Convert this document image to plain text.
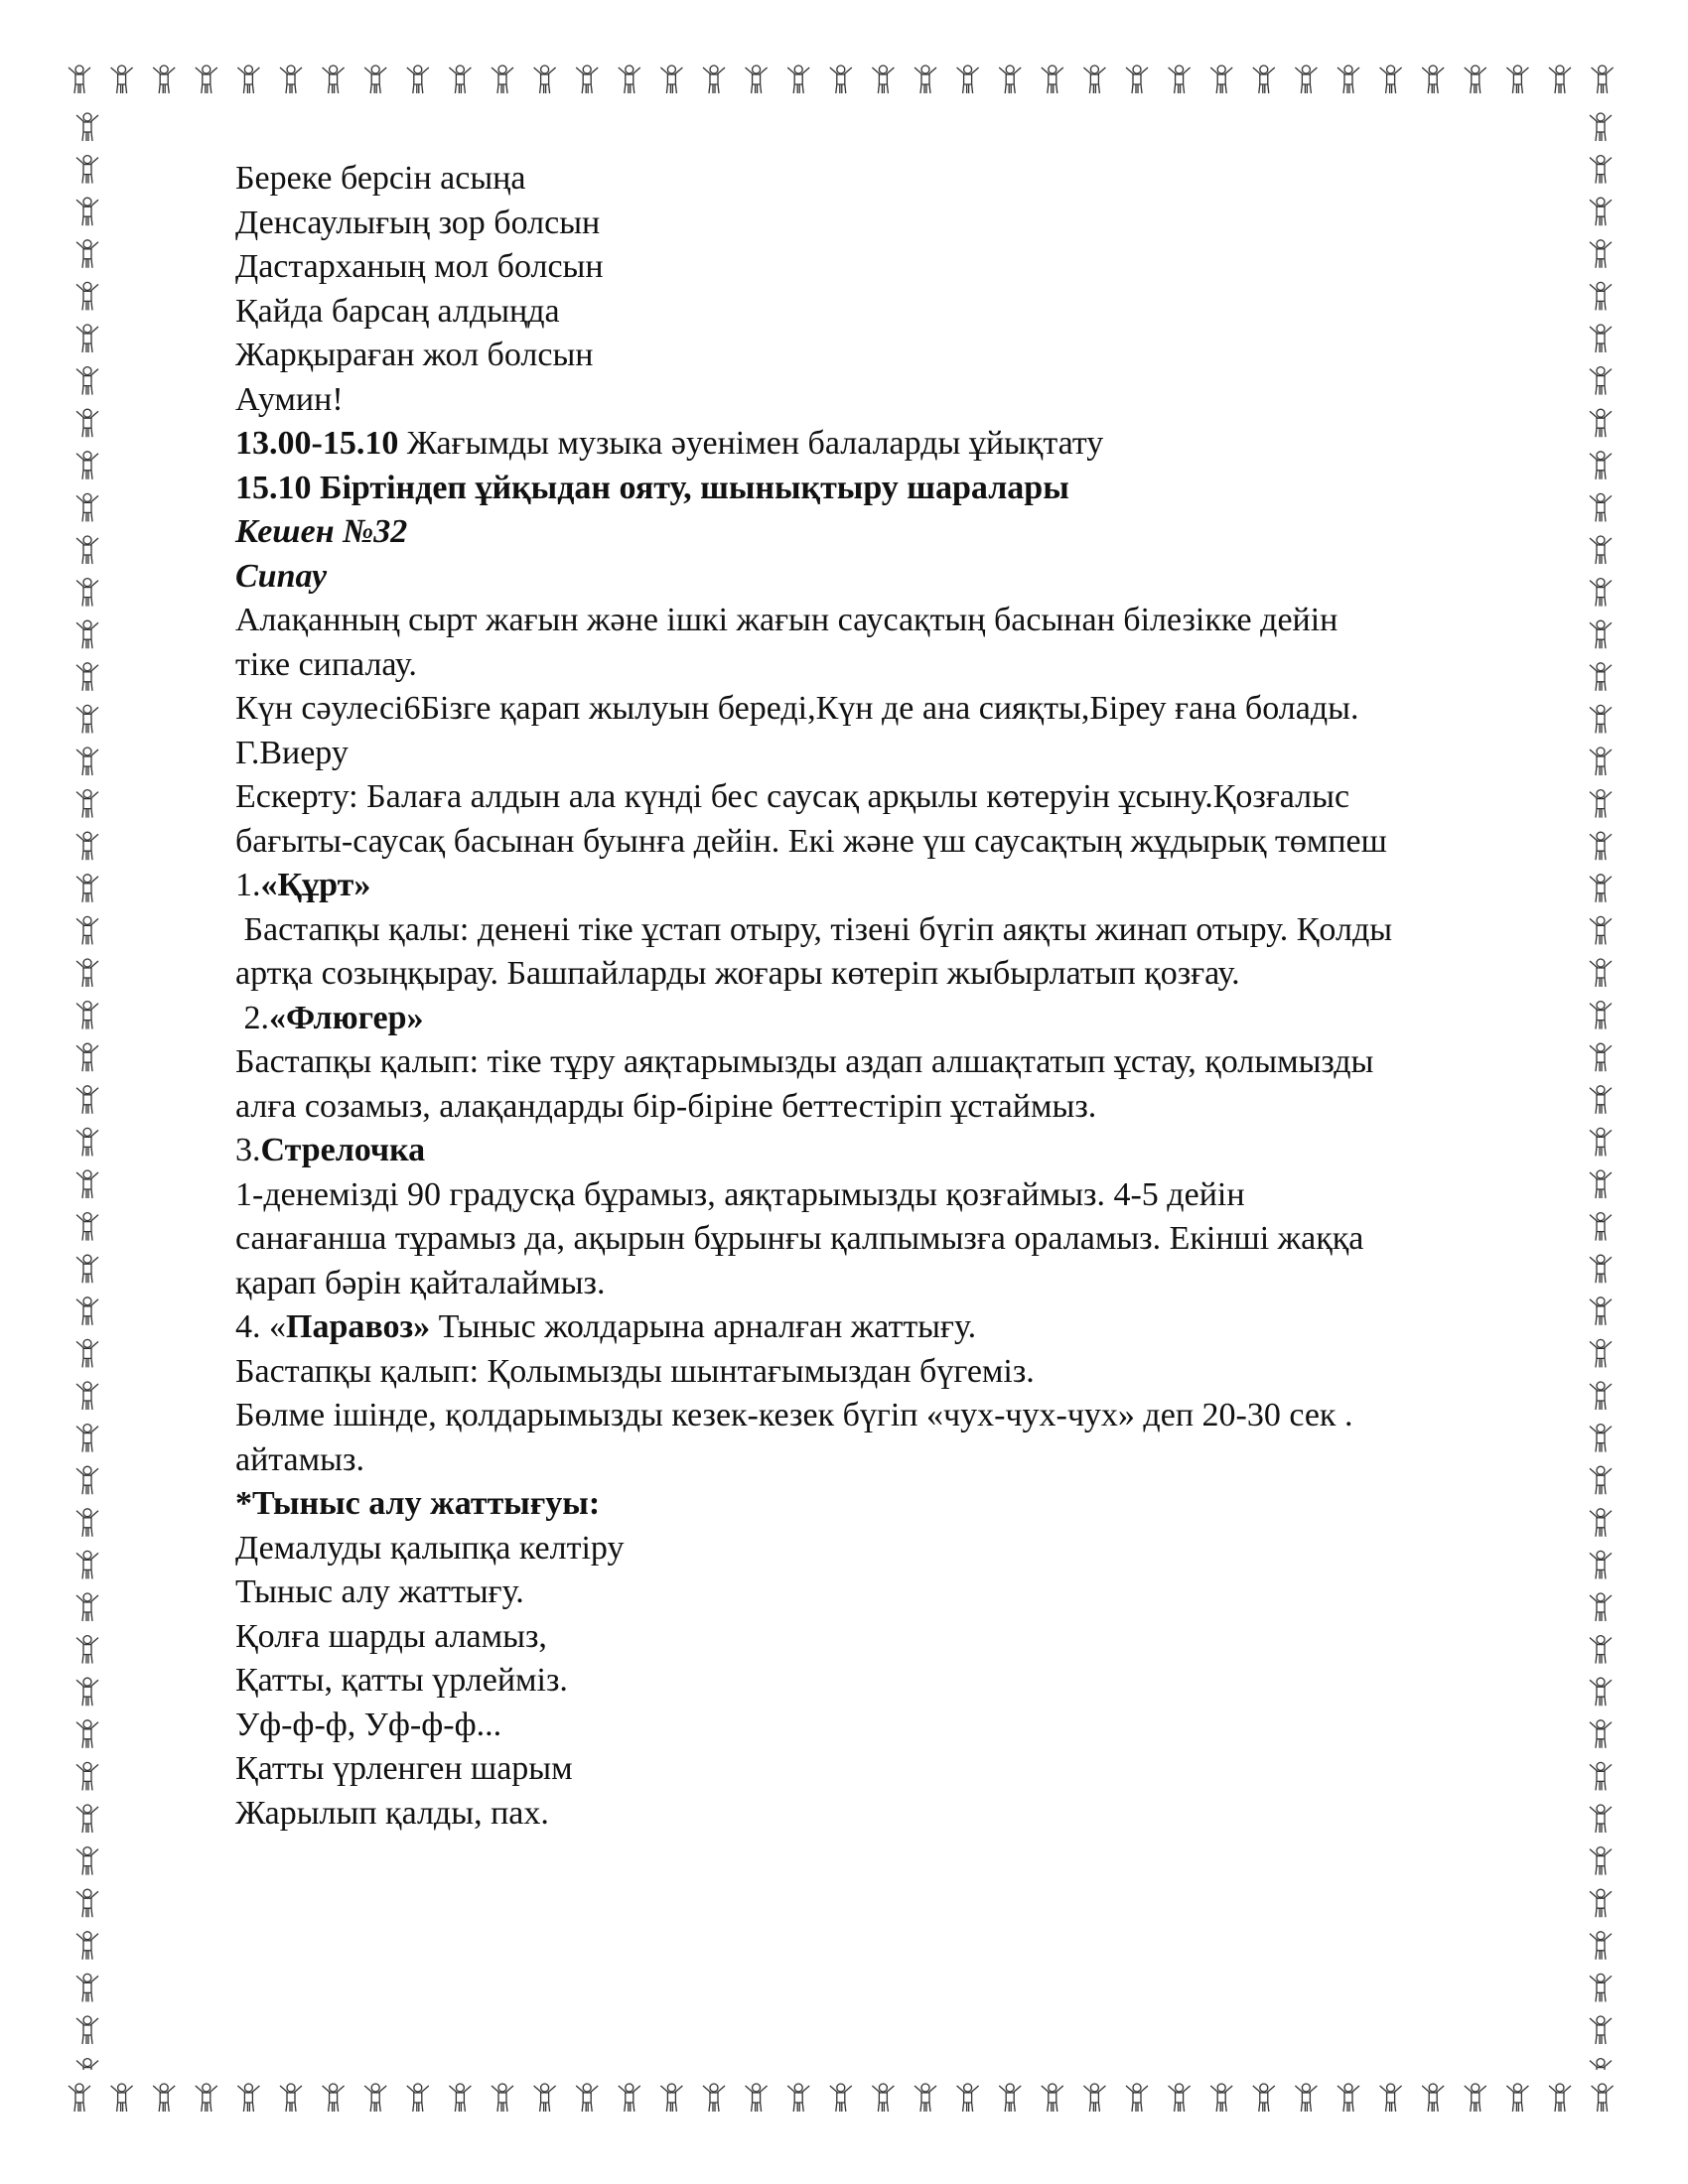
Береке берсін асыңа

Денсаулығың зор болсын

Дастарханың мол болсын

Қайда барсаң алдыңда

Жарқыраған жол болсын

Аумин!

13.00-15.10 Жағымды музыка әуенімен балаларды ұйықтату

15.10 Біртіндеп ұйқыдан ояту, шынықтыру шаралары

Кешен №32

Сипау

Алақанның сырт жағын және ішкі жағын саусақтың басынан білезікке дейін

тіке сипалау.

Күн сәулесі6Бізге қарап жылуын береді,Күн де ана сияқты,Біреу ғана болады.

Г.Виеру

Ескерту: Балаға алдын ала күнді бес саусақ арқылы көтеруін ұсыну.Қозғалыс

бағыты-саусақ басынан буынға дейін. Екі және үш саусақтың жұдырық төмпеш

1.«Құрт»

Бастапқы қалы: денені тіке ұстап отыру, тізені бүгіп аяқты жинап отыру. Қолды

артқа созыңқырау. Башпайларды жоғары көтеріп жыбырлатып қозғау.

2.«Флюгер»

Бастапқы қалып: тіке тұру аяқтарымызды аздап алшақтатып ұстау, қолымызды

алға созамыз, алақандарды бір-біріне беттестіріп ұстаймыз.

3.Стрелочка

1-денемізді 90 градусқа бұрамыз, аяқтарымызды қозғаймыз. 4-5 дейін

санағанша тұрамыз да, ақырын бұрынғы қалпымызға ораламыз. Екінші жаққа

қарап бәрін қайталаймыз.

4. «Паравоз» Тыныс жолдарына арналған жаттығу.

Бастапқы қалып: Қолымызды шынтағымыздан бүгеміз.

Бөлме ішінде, қолдарымызды кезек-кезек бүгіп «чух-чух-чух» деп 20-30 сек .

айтамыз.

*Тыныс алу жаттығуы:

Демалуды қалыпқа келтіру

Тыныс алу жаттығу.

Қолға шарды аламыз,

Қатты, қатты үрлейміз.

Уф-ф-ф, Уф-ф-ф...

Қатты үрленген шарым

Жарылып қалды, пах.
